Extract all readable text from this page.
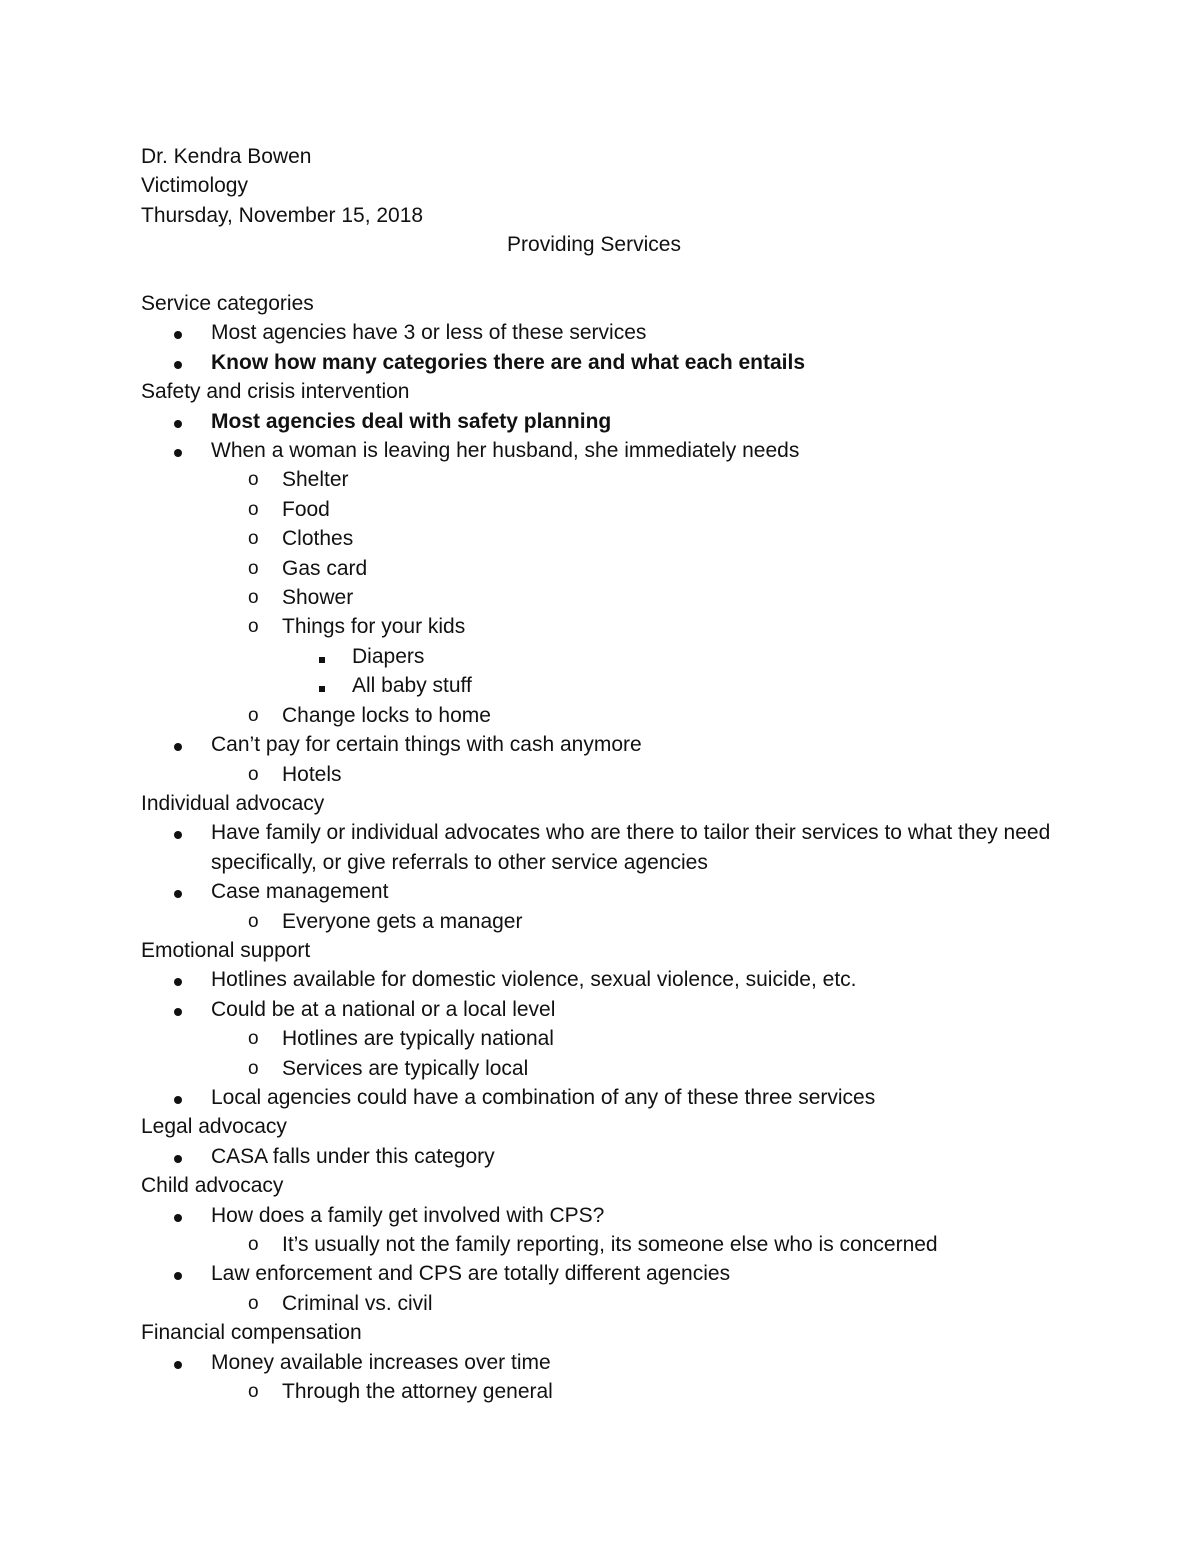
Dr. Kendra Bowen
Victimology
Thursday, November 15, 2018
Providing Services
Service categories
Most agencies have 3 or less of these services
Know how many categories there are and what each entails
Safety and crisis intervention
Most agencies deal with safety planning
When a woman is leaving her husband, she immediately needs
o Shelter
o Food
o Clothes
o Gas card
o Shower
o Things for your kids
Diapers
All baby stuff
o Change locks to home
Can’t pay for certain things with cash anymore
o Hotels
Individual advocacy
Have family or individual advocates who are there to tailor their services to what they need specifically, or give referrals to other service agencies
Case management
o Everyone gets a manager
Emotional support
Hotlines available for domestic violence, sexual violence, suicide, etc.
Could be at a national or a local level
o Hotlines are typically national
o Services are typically local
Local agencies could have a combination of any of these three services
Legal advocacy
CASA falls under this category
Child advocacy
How does a family get involved with CPS?
o It’s usually not the family reporting, its someone else who is concerned
Law enforcement and CPS are totally different agencies
o Criminal vs. civil
Financial compensation
Money available increases over time
o Through the attorney general
